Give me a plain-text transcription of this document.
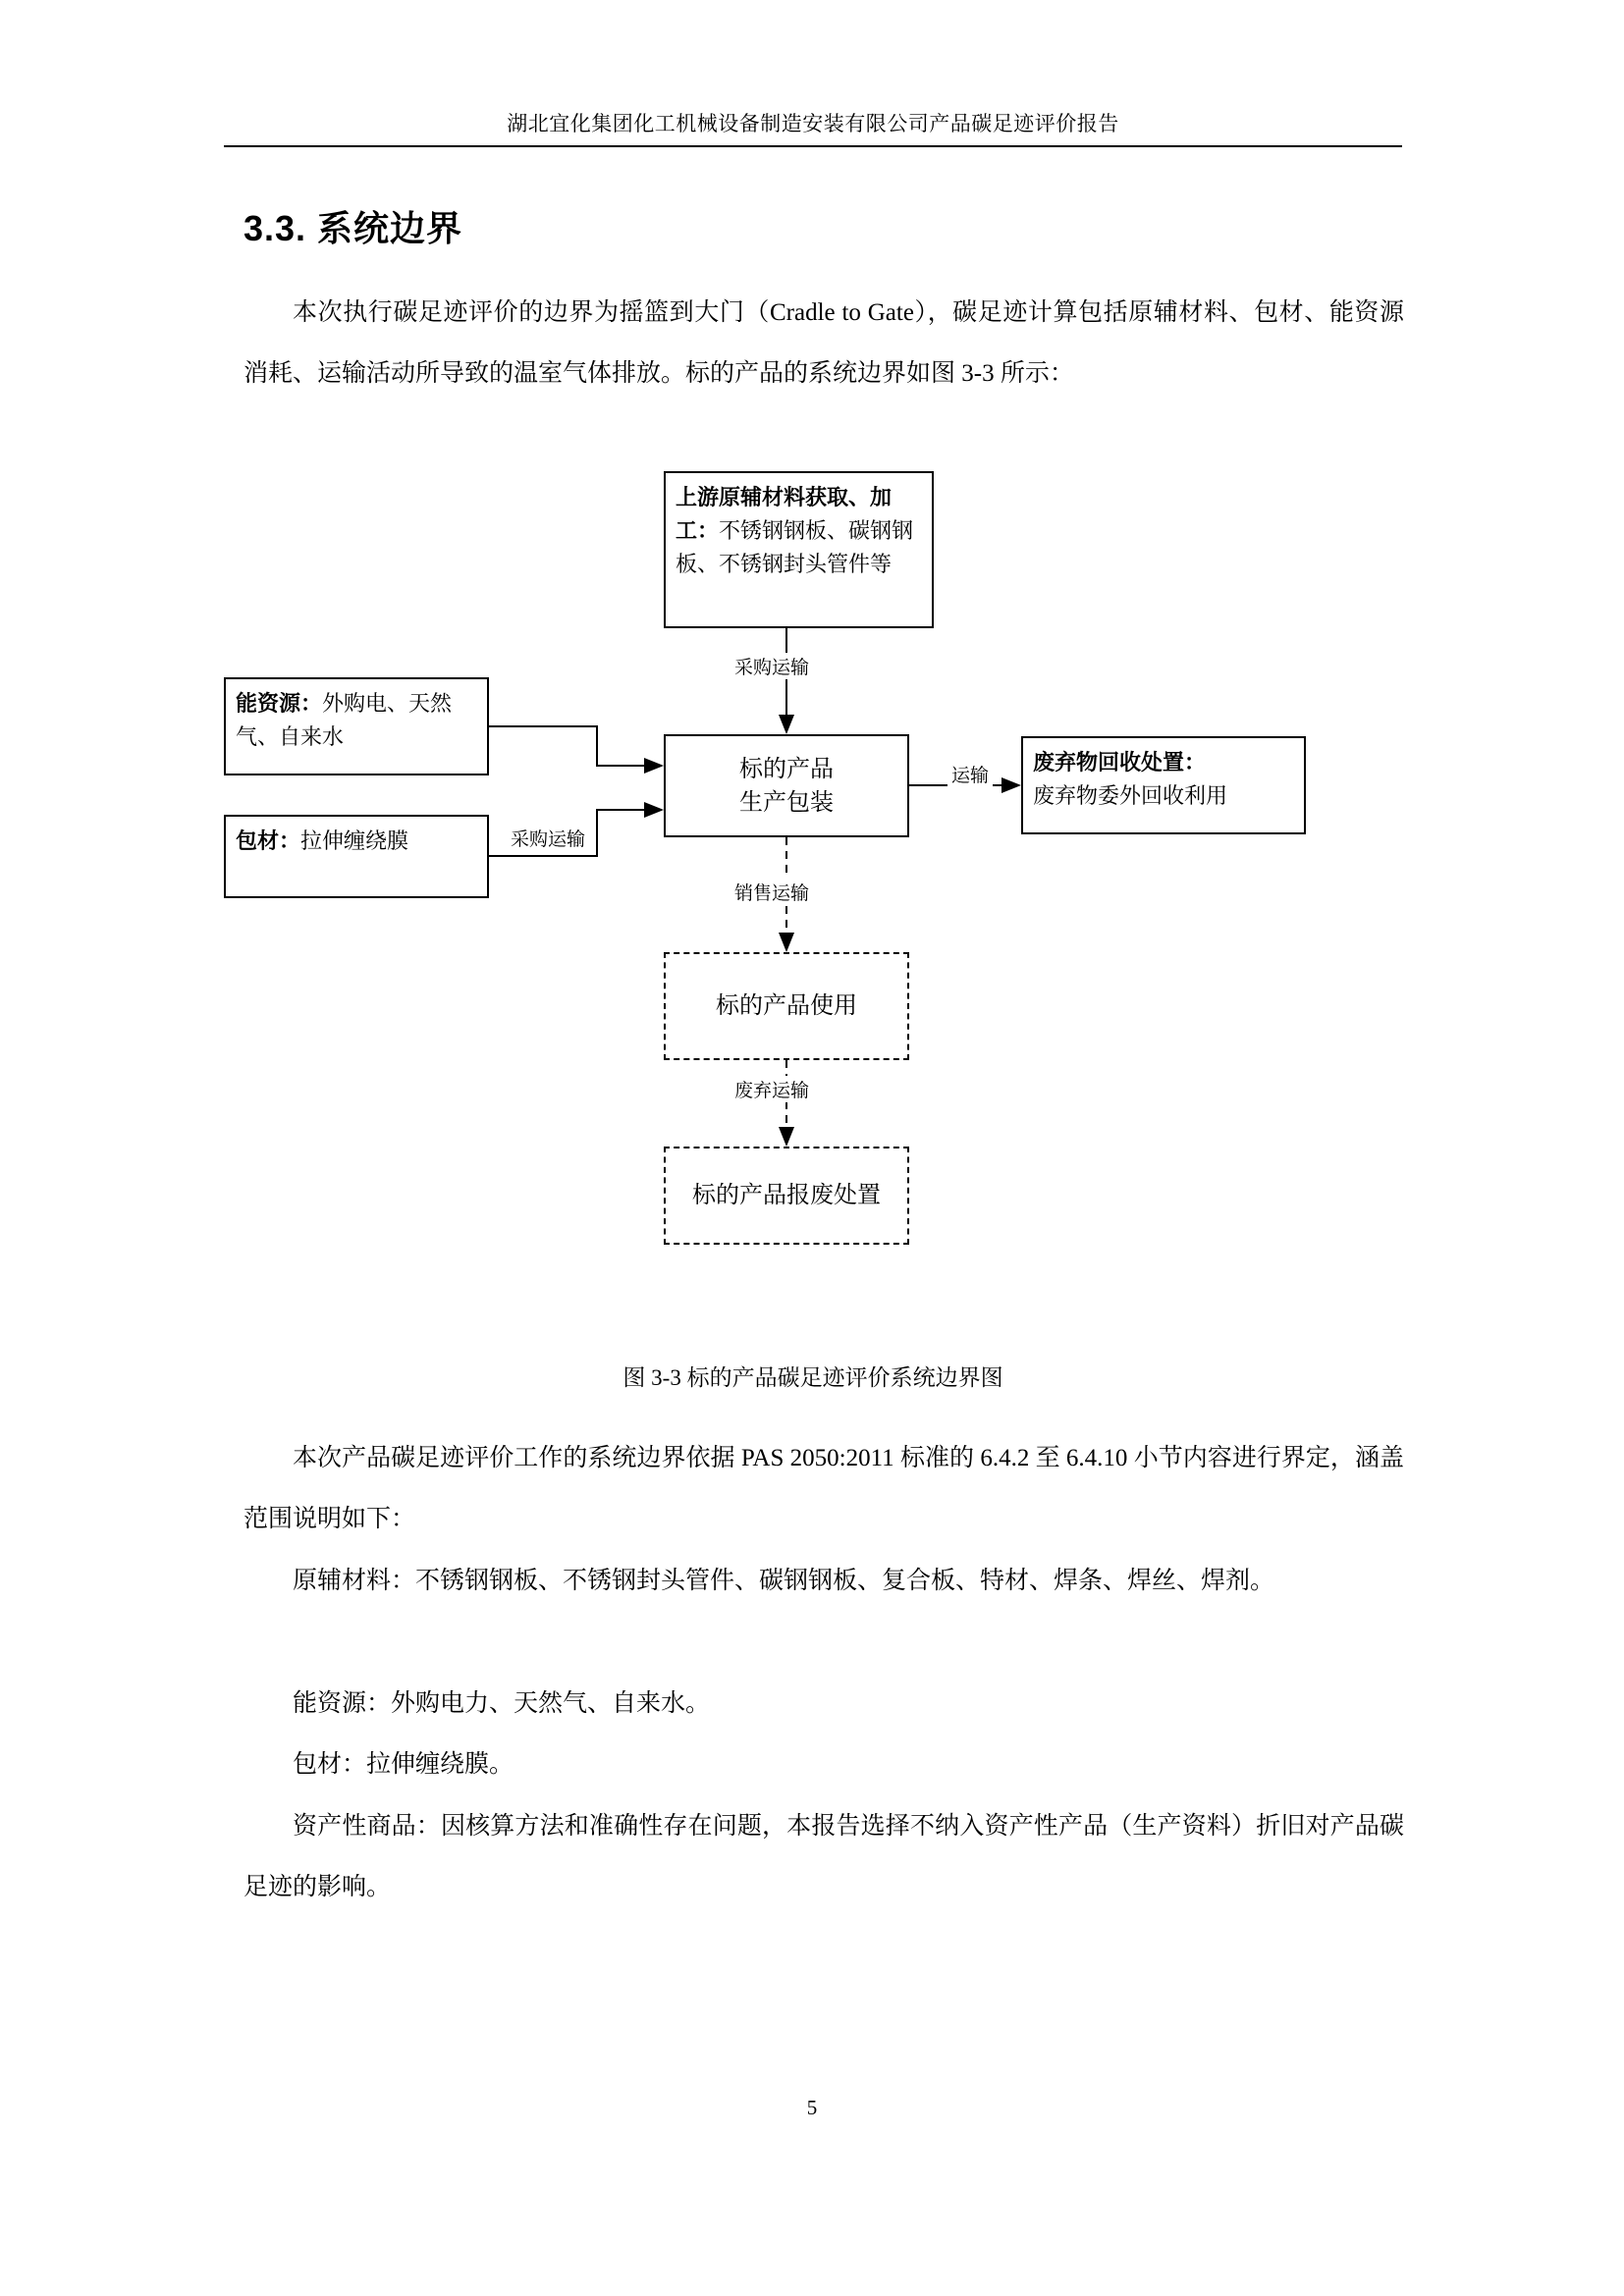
湖北宜化集团化工机械设备制造安装有限公司产品碳足迹评价报告
3.3. 系统边界
本次执行碳足迹评价的边界为摇篮到大门（Cradle to Gate），碳足迹计算包括原辅材料、包材、能资源消耗、运输活动所导致的温室气体排放。标的产品的系统边界如图 3-3 所示：
上游原辅材料获取、加工：不锈钢钢板、碳钢钢板、不锈钢封头管件等
能资源：外购电、天然气、自来水
包材：拉伸缠绕膜
标的产品
生产包装
废弃物回收处置：
废弃物委外回收利用
标的产品使用
标的产品报废处置
采购运输
采购运输
运输
销售运输
废弃运输
图 3-3 标的产品碳足迹评价系统边界图
本次产品碳足迹评价工作的系统边界依据 PAS 2050:2011 标准的 6.4.2 至 6.4.10 小节内容进行界定，涵盖范围说明如下：
原辅材料：不锈钢钢板、不锈钢封头管件、碳钢钢板、复合板、特材、焊条、焊丝、焊剂。
能资源：外购电力、天然气、自来水。
包材：拉伸缠绕膜。
资产性商品：因核算方法和准确性存在问题，本报告选择不纳入资产性产品（生产资料）折旧对产品碳足迹的影响。
5
